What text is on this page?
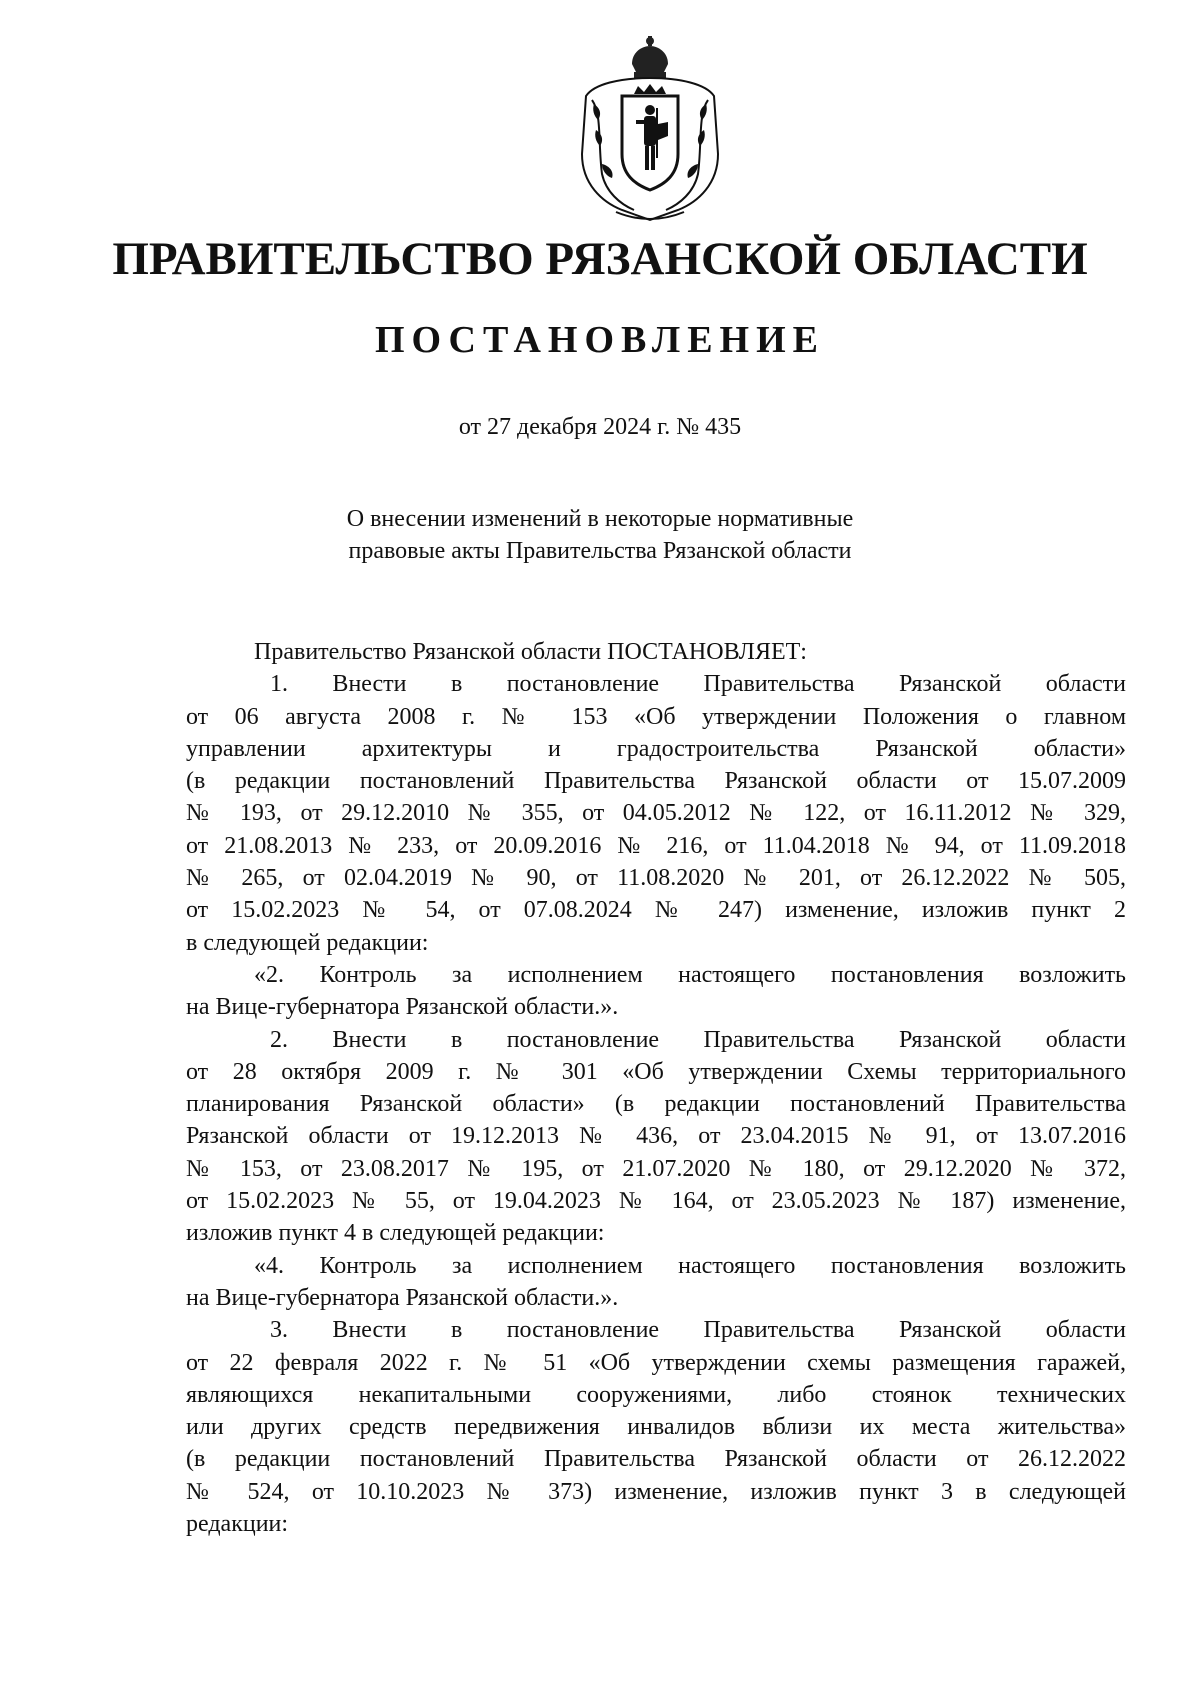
ПРАВИТЕЛЬСТВО РЯЗАНСКОЙ ОБЛАСТИ
ПОСТАНОВЛЕНИЕ
от 27 декабря 2024 г. № 435
О внесении изменений в некоторые нормативные
правовые акты Правительства Рязанской области
Правительство Рязанской области ПОСТАНОВЛЯЕТ:
1. Внести в постановление Правительства Рязанской области
от 06 августа 2008 г. № 153 «Об утверждении Положения о главном
управлении архитектуры и градостроительства Рязанской области»
(в редакции постановлений Правительства Рязанской области от 15.07.2009
№ 193, от 29.12.2010 № 355, от 04.05.2012 № 122, от 16.11.2012 № 329,
от 21.08.2013 № 233, от 20.09.2016 № 216, от 11.04.2018 № 94, от 11.09.2018
№ 265, от 02.04.2019 № 90, от 11.08.2020 № 201, от 26.12.2022 № 505,
от 15.02.2023 № 54, от 07.08.2024 № 247) изменение, изложив пункт 2
в следующей редакции:
«2. Контроль за исполнением настоящего постановления возложить
на Вице-губернатора Рязанской области.».
2. Внести в постановление Правительства Рязанской области
от 28 октября 2009 г. № 301 «Об утверждении Схемы территориального
планирования Рязанской области» (в редакции постановлений Правительства
Рязанской области от 19.12.2013 № 436, от 23.04.2015 № 91, от 13.07.2016
№ 153, от 23.08.2017 № 195, от 21.07.2020 № 180, от 29.12.2020 № 372,
от 15.02.2023 № 55, от 19.04.2023 № 164, от 23.05.2023 № 187) изменение,
изложив пункт 4 в следующей редакции:
«4. Контроль за исполнением настоящего постановления возложить
на Вице-губернатора Рязанской области.».
3. Внести в постановление Правительства Рязанской области
от 22 февраля 2022 г. № 51 «Об утверждении схемы размещения гаражей,
являющихся некапитальными сооружениями, либо стоянок технических
или других средств передвижения инвалидов вблизи их места жительства»
(в редакции постановлений Правительства Рязанской области от 26.12.2022
№ 524, от 10.10.2023 № 373) изменение, изложив пункт 3 в следующей
редакции:
